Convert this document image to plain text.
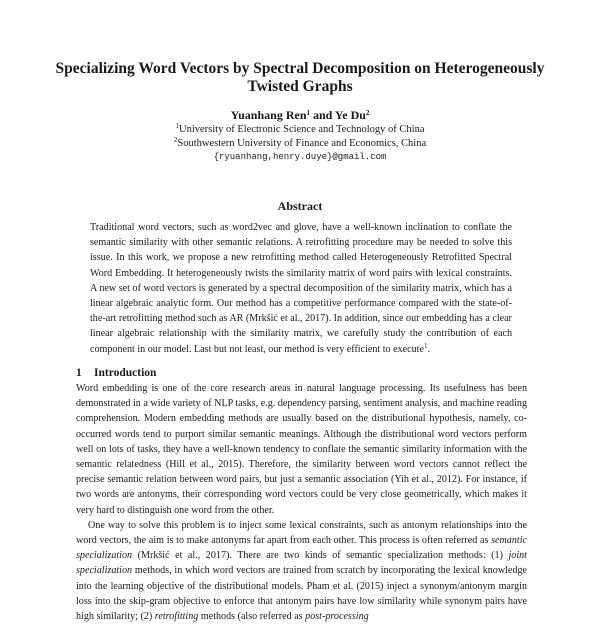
Specializing Word Vectors by Spectral Decomposition on Heterogeneously Twisted Graphs
Yuanhang Ren$^1$ and Ye Du$^2$
$^1$University of Electronic Science and Technology of China
$^2$Southwestern University of Finance and Economics, China
{ryuanhang,henry.duye}@gmail.com
Abstract
Traditional word vectors, such as word2vec and glove, have a well-known inclination to conflate the semantic similarity with other semantic relations. A retrofitting procedure may be needed to solve this issue. In this work, we propose a new retrofitting method called Heterogeneously Retrofitted Spectral Word Embedding. It heterogeneously twists the similarity matrix of word pairs with lexical constraints. A new set of word vectors is generated by a spectral decomposition of the similarity matrix, which has a linear algebraic analytic form. Our method has a competitive performance compared with the state-of-the-art retrofitting method such as AR (Mrkšić et al., 2017). In addition, since our embedding has a clear linear algebraic relationship with the similarity matrix, we carefully study the contribution of each component in our model. Last but not least, our method is very efficient to execute$^1$.
1 Introduction

Word embedding is one of the core research areas in natural language processing. Its usefulness has been demonstrated in a wide variety of NLP tasks, e.g. dependency parsing, sentiment analysis, and machine reading comprehension. Modern embedding methods are usually based on the distributional hypothesis, namely, co-occurred words tend to purport similar semantic meanings. Although the distributional word vectors perform well on lots of tasks, they have a well-known tendency to conflate the semantic similarity information with the semantic relatedness (Hill et al., 2015). Therefore, the similarity between word vectors cannot reflect the precise semantic relation between word pairs, but just a semantic association (Yih et al., 2012). For instance, if two words are antonyms, their corresponding word vectors could be very close geometrically, which makes it very hard to distinguish one word from the other.

One way to solve this problem is to inject some lexical constraints, such as antonym relationships into the word vectors, the aim is to make antonyms far apart from each other. This process is often referred as semantic specialization (Mrkšić et al., 2017). There are two kinds of semantic specialization methods: (1) joint specialization methods, in which word vectors are trained from scratch by incorporating the lexical knowledge into the learning objective of the distributional models. Pham et al. (2015) inject a synonym/antonym margin loss into the skip-gram objective to enforce that antonym pairs have low similarity while synonym pairs have high similarity; (2) retrofitting methods (also referred as post-processing
